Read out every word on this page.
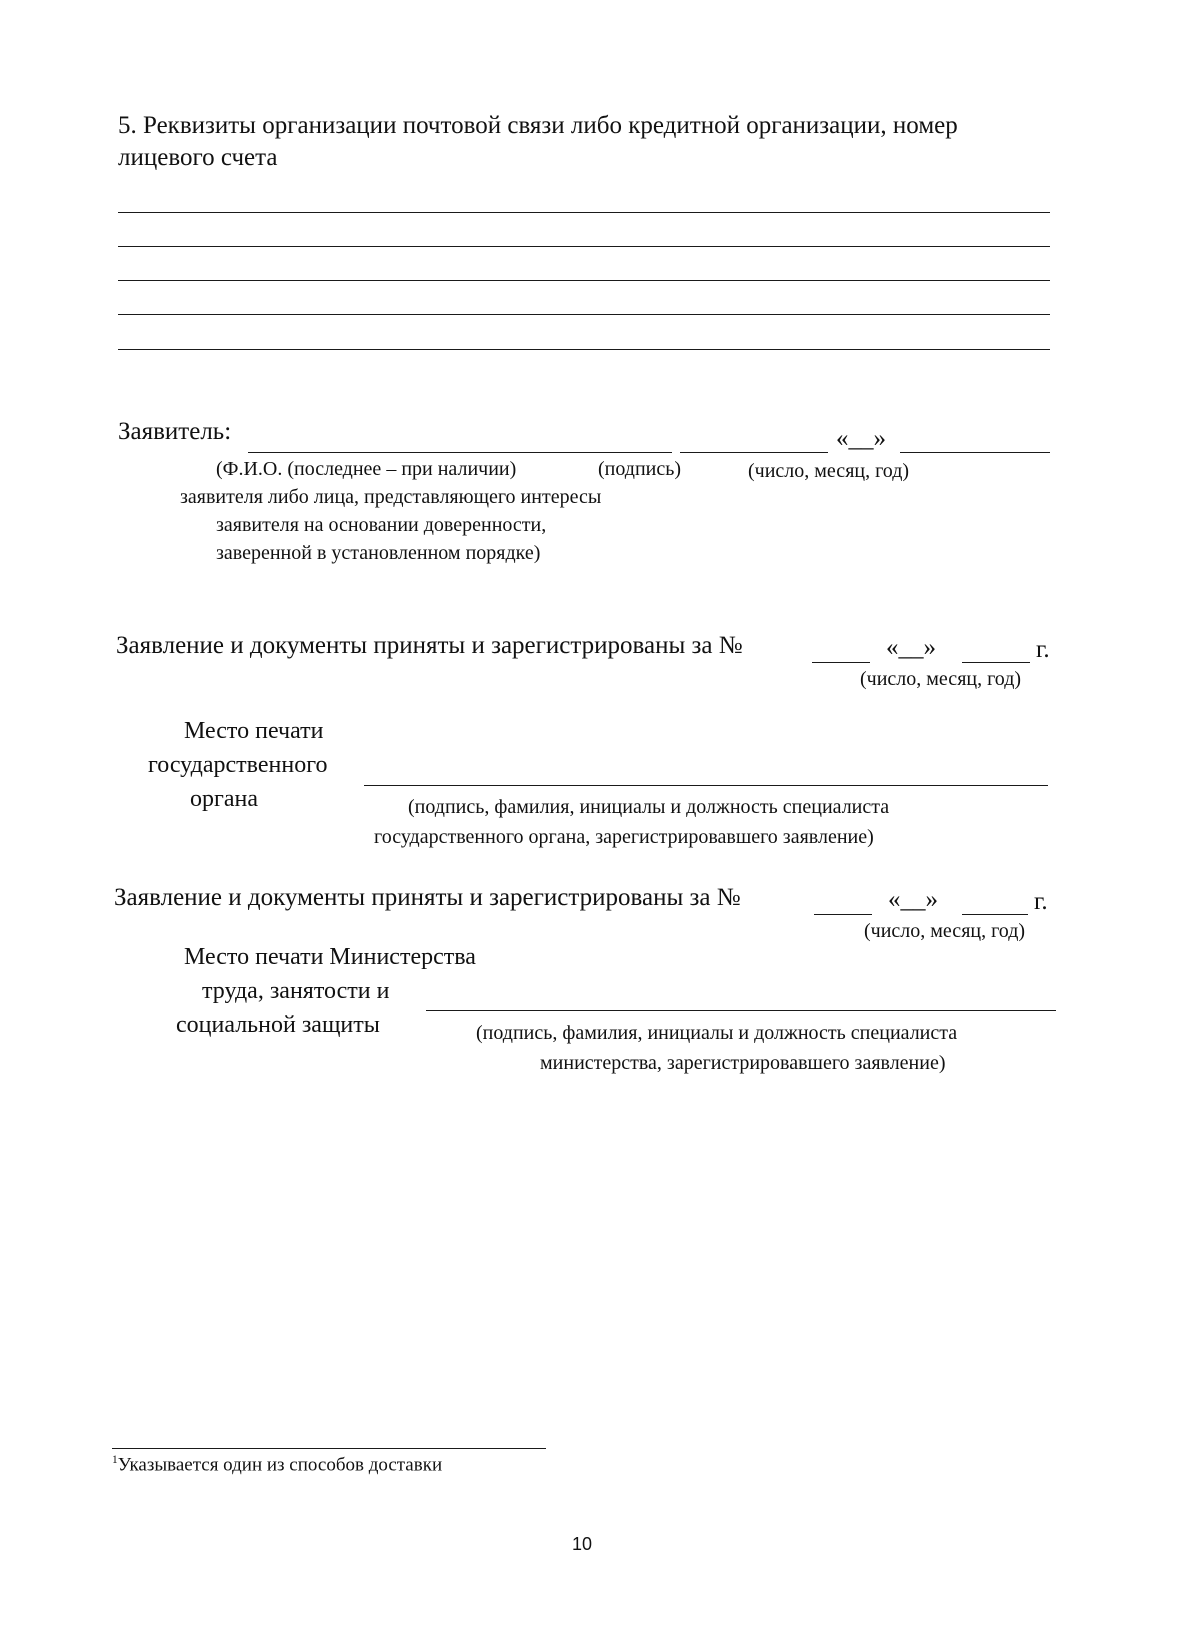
5. Реквизиты организации почтовой связи либо кредитной организации, номер
лицевого счета
Заявитель:	«__»
(Ф.И.О. (последнее – при наличии)	(подпись)	(число, месяц, год)
заявителя либо лица, представляющего интересы
заявителя на основании доверенности,
заверенной в установленном порядке)
Заявление и документы приняты и зарегистрированы за №	«__»	г.
(число, месяц, год)
Место печати
государственного
органа	(подпись, фамилия, инициалы и должность специалиста
государственного органа, зарегистрировавшего заявление)
Заявление и документы приняты и зарегистрированы за №	«__»	г.
(число, месяц, год)
Место печати Министерства
труда, занятости и
социальной защиты	(подпись, фамилия, инициалы и должность специалиста
министерства, зарегистрировавшего заявление)
$^1$Указывается один из способов доставки
10
